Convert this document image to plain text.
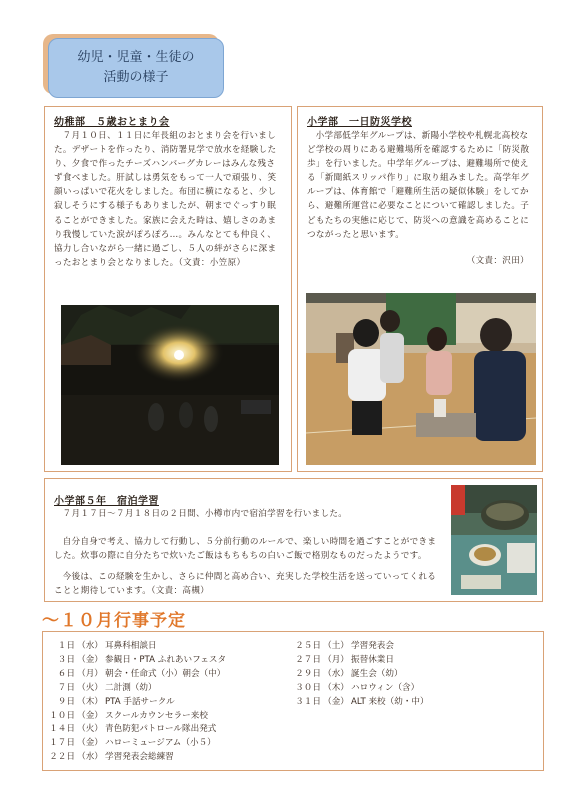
幼児・児童・生徒の
活動の様子
幼稚部　５歳おとまり会
７月１０日、１１日に年長組のおとまり会を行いました。デザートを作ったり、消防署見学で放水を経験したり、夕食で作ったチーズハンバーグカレーはみんな残さず食べました。肝試しは勇気をもって一人で頑張り、笑顔いっぱいで花火をしました。布団に横になると、少し寂しそうにする様子もありましたが、朝までぐっすり眠ることができました。家族に会えた時は、嬉しさのあまり我慢していた涙がぽろぽろ…。みんなとても仲良く、協力し合いながら一緒に過ごし、５人の絆がさらに深まったおとまり会となりました。（文責：小笠原）
小学部　一日防災学校
小学部低学年グループは、新陽小学校や札幌北高校など学校の周りにある避難場所を確認するために「防災散歩」を行いました。中学年グループは、避難場所で使える「新聞紙スリッパ作り」に取り組みました。高学年グループは、体育館で「避難所生活の疑似体験」をしてから、避難所運営に必要なことについて確認しました。子どもたちの実態に応じて、防災への意識を高めることにつながったと思います。
（文責：沢田）
小学部５年　宿泊学習
７月１７日～７月１８日の２日間、小樽市内で宿泊学習を行いました。
自分自身で考え、協力して行動し、５分前行動のルールで、楽しい時間を過ごすことができました。炊事の際に自分たちで炊いたご飯はもちもちの白いご飯で格別なものだったようです。
今後は、この経験を生かし、さらに仲間と高め合い、充実した学校生活を送っていってくれることと期待しています。（文責：高槻）
～１０月行事予定
１日 （水） 耳鼻科相談日
３日 （金） 参観日・PTA ふれあいフェスタ
６日 （月） 朝会・任命式（小）朝会（中）
７日 （火） 二計測（幼）
９日 （木） PTA 手話サークル
１０日 （金） スクールカウンセラー来校
１４日 （火） 青色防犯パトロール隊出発式
１７日 （金） ハローミュージアム（小５）
２２日 （水） 学習発表会総練習
２５日 （土） 学習発表会
２７日 （月） 振替休業日
２９日 （水） 誕生会（幼）
３０日 （木） ハロウィン（含）
３１日 （金） ALT 来校（幼・中）
